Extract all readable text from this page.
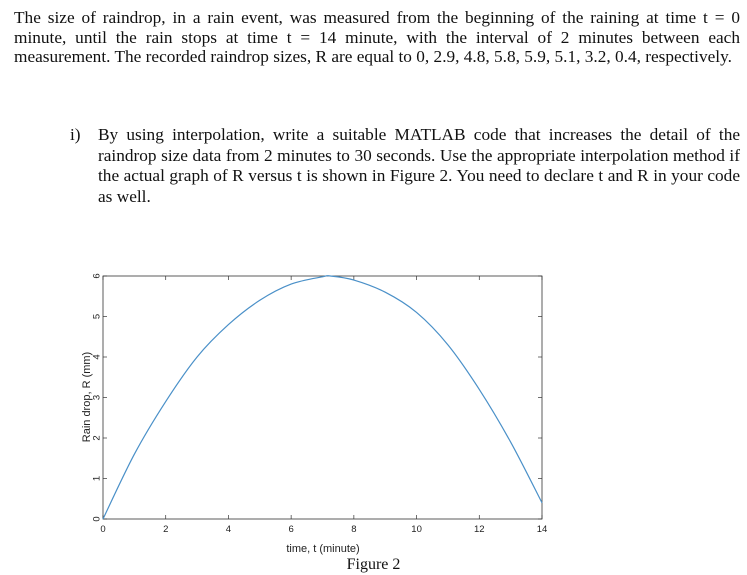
The size of raindrop, in a rain event, was measured from the beginning of the raining at time t = 0 minute, until the rain stops at time t = 14 minute, with the interval of 2 minutes between each measurement. The recorded raindrop sizes, R are equal to 0, 2.9, 4.8, 5.8, 5.9, 5.1, 3.2, 0.4, respectively.
i) By using interpolation, write a suitable MATLAB code that increases the detail of the raindrop size data from 2 minutes to 30 seconds. Use the appropriate interpolation method if the actual graph of R versus t is shown in Figure 2. You need to declare t and R in your code as well.
0	2	4	6	8	10	12	14
0
1
2
3
4
5
6
time, t (minute)
Rain drop, R (mm)
Figure 2
